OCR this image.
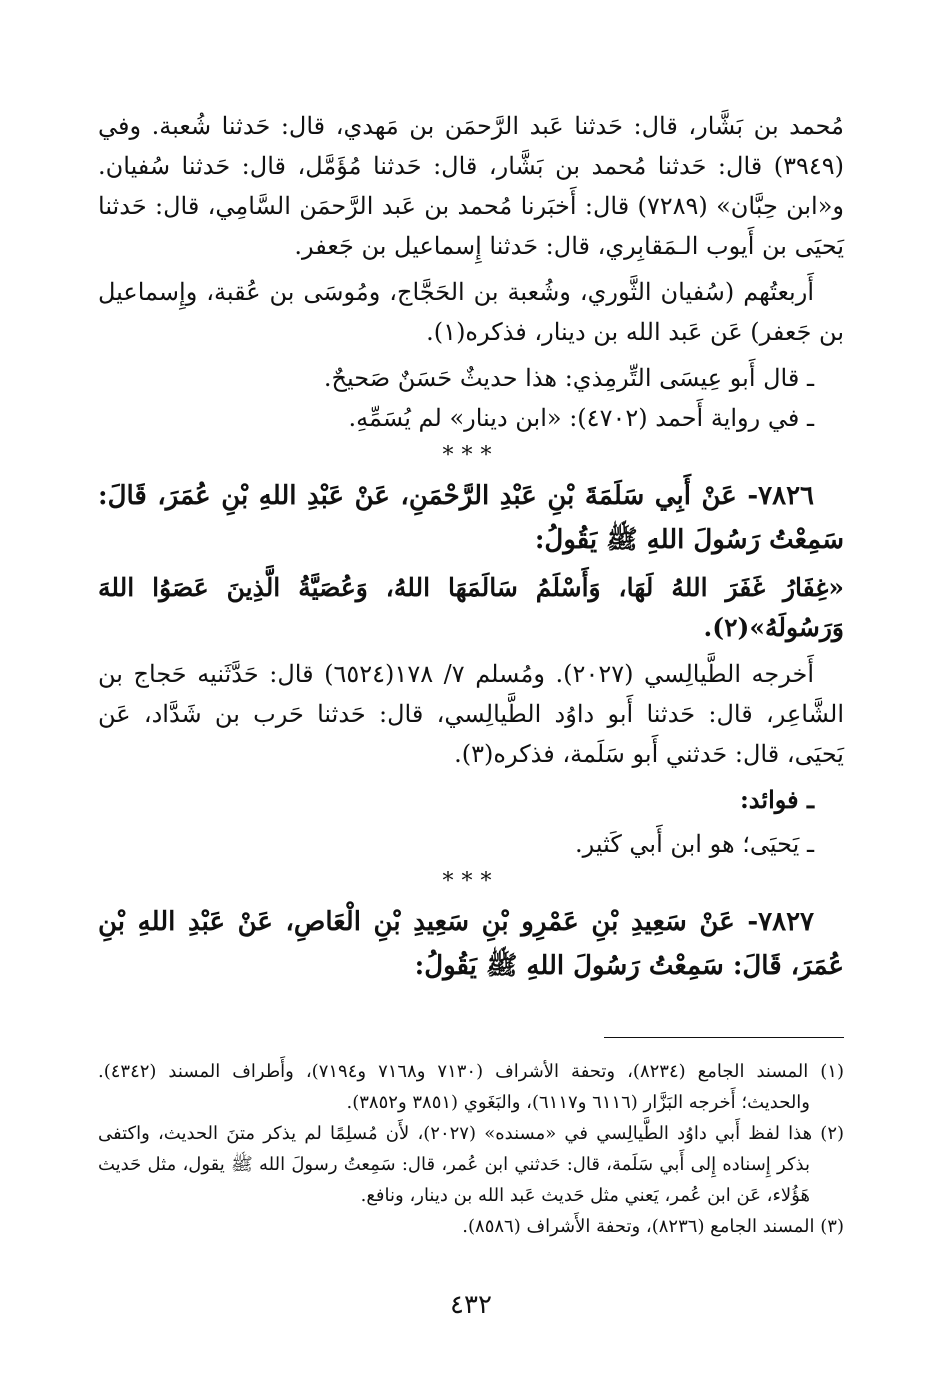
مُحمد بن بَشَّار، قال: حَدثنا عَبد الرَّحمَن بن مَهدي، قال: حَدثنا شُعبة. وفي (٣٩٤٩) قال: حَدثنا مُحمد بن بَشَّار، قال: حَدثنا مُؤَمَّل، قال: حَدثنا سُفيان. و«ابن حِبَّان» (٧٢٨٩) قال: أَخبَرنا مُحمد بن عَبد الرَّحمَن السَّامِي، قال: حَدثنا يَحيَى بن أَيوب الـمَقابِري، قال: حَدثنا إِسماعيل بن جَعفر.

أَربعتُهم (سُفيان الثَّوري، وشُعبة بن الحَجَّاج، ومُوسَى بن عُقبة، وإِسماعيل بن جَعفر) عَن عَبد الله بن دينار، فذكره(١).

ـ قال أَبو عِيسَى التِّرمِذي: هذا حديثٌ حَسَنٌ صَحيحٌ.

ـ في رواية أَحمد (٤٧٠٢): «ابن دينار» لم يُسَمِّهِ.

***

٧٨٢٦- عَنْ أَبِي سَلَمَةَ بْنِ عَبْدِ الرَّحْمَنِ، عَنْ عَبْدِ اللهِ بْنِ عُمَرَ، قَالَ: سَمِعْتُ رَسُولَ اللهِ ﷺ يَقُولُ:

«غِفَارُ غَفَرَ اللهُ لَهَا، وَأَسْلَمُ سَالَمَهَا اللهُ، وَعُصَيَّةُ الَّذِينَ عَصَوُا اللهَ وَرَسُولَهُ»(٢).

أَخرجه الطَّيالِسي (٢٠٢٧). ومُسلم ٧/ ١٧٨(٦٥٢٤) قال: حَدَّثَنيه حَجاج بن الشَّاعِر، قال: حَدثنا أَبو داوُد الطَّيالِسي، قال: حَدثنا حَرب بن شَدَّاد، عَن يَحيَى، قال: حَدثني أَبو سَلَمة، فذكره(٣).

ـ فوائد:

ـ يَحيَى؛ هو ابن أَبي كَثير.

***

٧٨٢٧- عَنْ سَعِيدِ بْنِ عَمْرِو بْنِ سَعِيدِ بْنِ الْعَاصِ، عَنْ عَبْدِ اللهِ بْنِ عُمَرَ، قَالَ: سَمِعْتُ رَسُولَ اللهِ ﷺ يَقُولُ:

(١) المسند الجامع (٨٢٣٤)، وتحفة الأشراف (٧١٣٠ و٧١٦٨ و٧١٩٤)، وأَطراف المسند (٤٣٤٢). والحديث؛ أَخرجه البَزَّار (٦١١٦ و٦١١٧)، والبَغَوي (٣٨٥١ و٣٨٥٢).

(٢) هذا لفظ أَبي داوُد الطَّيالِسي في «مسنده» (٢٠٢٧)، لأَن مُسلِمًا لم يذكر متنَ الحديث، واكتفى بذكر إِسناده إِلى أَبي سَلَمة، قال: حَدثني ابن عُمر، قال: سَمِعتُ رسولَ الله ﷺ يقول، مثل حَديث هَؤُلاء، عَن ابن عُمر، يَعني مثل حَديث عَبد الله بن دينار، ونافع.

(٣) المسند الجامع (٨٢٣٦)، وتحفة الأَشراف (٨٥٨٦).

٤٣٢
